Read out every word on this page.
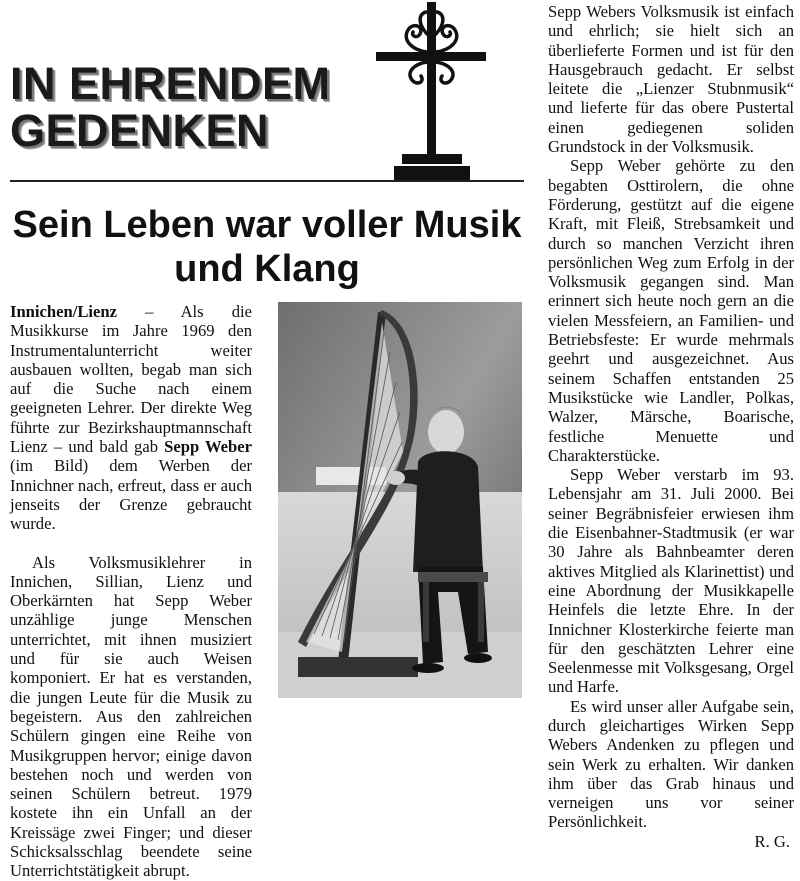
IN EHRENDEM
GEDENKEN
Sein Leben war voller Musik und Klang

Innichen/Lienz – Als die Musikkurse im Jahre 1969 den Instrumentalunterricht weiter ausbauen wollten, begab man sich auf die Suche nach einem geeigneten Lehrer. Der direkte Weg führte zur Bezirkshauptmannschaft Lienz – und bald gab Sepp Weber (im Bild) dem Werben der Innichner nach, erfreut, dass er auch jenseits der Grenze gebraucht wurde.

Als Volksmusiklehrer in Innichen, Sillian, Lienz und Oberkärnten hat Sepp Weber unzählige junge Menschen unterrichtet, mit ihnen musiziert und für sie auch Weisen komponiert. Er hat es verstanden, die jungen Leute für die Musik zu begeistern. Aus den zahlreichen Schülern gingen eine Reihe von Musikgruppen hervor; einige davon bestehen noch und werden von seinen Schülern betreut. 1979 kostete ihn ein Unfall an der Kreissäge zwei Finger; und dieser Schicksalsschlag beendete seine Unterrichtstätigkeit abrupt.

Sepp Webers Volksmusik ist einfach und ehrlich; sie hielt sich an überlieferte Formen und ist für den Hausgebrauch gedacht. Er selbst leitete die „Lienzer Stubnmusik“ und lieferte für das obere Pustertal einen gediegenen soliden Grundstock in der Volksmusik.

Sepp Weber gehörte zu den begabten Osttirolern, die ohne Förderung, gestützt auf die eigene Kraft, mit Fleiß, Strebsamkeit und durch so manchen Verzicht ihren persönlichen Weg zum Erfolg in der Volksmusik gegangen sind. Man erinnert sich heute noch gern an die vielen Messfeiern, an Familien- und Betriebsfeste: Er wurde mehrmals geehrt und ausgezeichnet. Aus seinem Schaffen entstanden 25 Musikstücke wie Landler, Polkas, Walzer, Märsche, Boarische, festliche Menuette und Charakterstücke.

Sepp Weber verstarb im 93. Lebensjahr am 31. Juli 2000. Bei seiner Begräbnisfeier erwiesen ihm die Eisenbahner-Stadtmusik (er war 30 Jahre als Bahnbeamter deren aktives Mitglied als Klarinettist) und eine Abordnung der Musikkapelle Heinfels die letzte Ehre. In der Innichner Klosterkirche feierte man für den geschätzten Lehrer eine Seelenmesse mit Volksgesang, Orgel und Harfe.

Es wird unser aller Aufgabe sein, durch gleichartiges Wirken Sepp Webers Andenken zu pflegen und sein Werk zu erhalten. Wir danken ihm über das Grab hinaus und verneigen uns vor seiner Persönlichkeit.

R. G.
